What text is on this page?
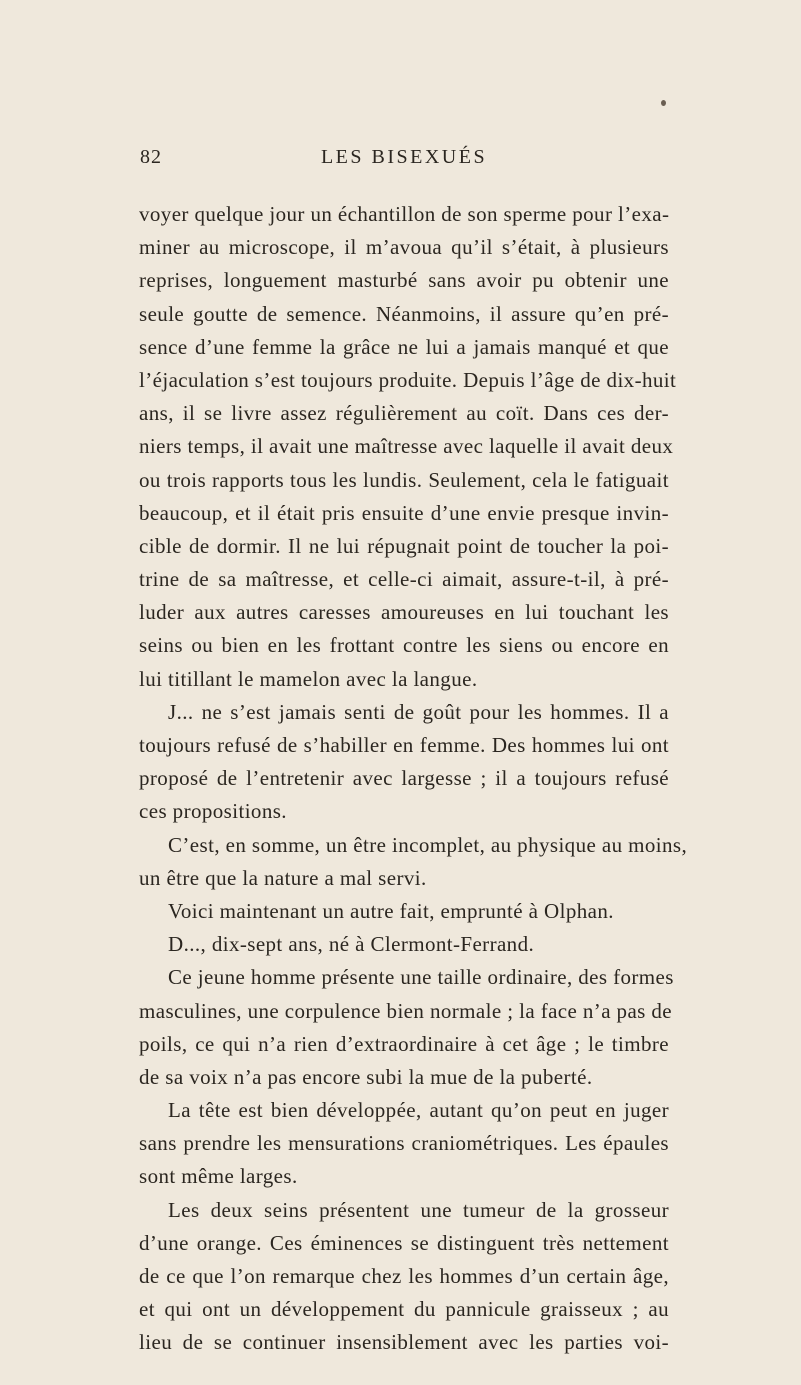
82	LES BISEXUÉS
voyer quelque jour un échantillon de son sperme pour l’exa-
miner au microscope, il m’avoua qu’il s’était, à plusieurs
reprises, longuement masturbé sans avoir pu obtenir une
seule goutte de semence. Néanmoins, il assure qu’en pré-
sence d’une femme la grâce ne lui a jamais manqué et que
l’éjaculation s’est toujours produite. Depuis l’âge de dix-huit
ans, il se livre assez régulièrement au coït. Dans ces der-
niers temps, il avait une maîtresse avec laquelle il avait deux
ou trois rapports tous les lundis. Seulement, cela le fatiguait
beaucoup, et il était pris ensuite d’une envie presque invin-
cible de dormir. Il ne lui répugnait point de toucher la poi-
trine de sa maîtresse, et celle-ci aimait, assure-t-il, à pré-
luder aux autres caresses amoureuses en lui touchant les
seins ou bien en les frottant contre les siens ou encore en
lui titillant le mamelon avec la langue.
J... ne s’est jamais senti de goût pour les hommes. Il a
toujours refusé de s’habiller en femme. Des hommes lui ont
proposé de l’entretenir avec largesse ; il a toujours refusé
ces propositions.
C’est, en somme, un être incomplet, au physique au moins,
un être que la nature a mal servi.
Voici maintenant un autre fait, emprunté à Olphan.
D..., dix-sept ans, né à Clermont-Ferrand.
Ce jeune homme présente une taille ordinaire, des formes
masculines, une corpulence bien normale ; la face n’a pas de
poils, ce qui n’a rien d’extraordinaire à cet âge ; le timbre
de sa voix n’a pas encore subi la mue de la puberté.
La tête est bien développée, autant qu’on peut en juger
sans prendre les mensurations craniométriques. Les épaules
sont même larges.
Les deux seins présentent une tumeur de la grosseur
d’une orange. Ces éminences se distinguent très nettement
de ce que l’on remarque chez les hommes d’un certain âge,
et qui ont un développement du pannicule graisseux ; au
lieu de se continuer insensiblement avec les parties voi-
